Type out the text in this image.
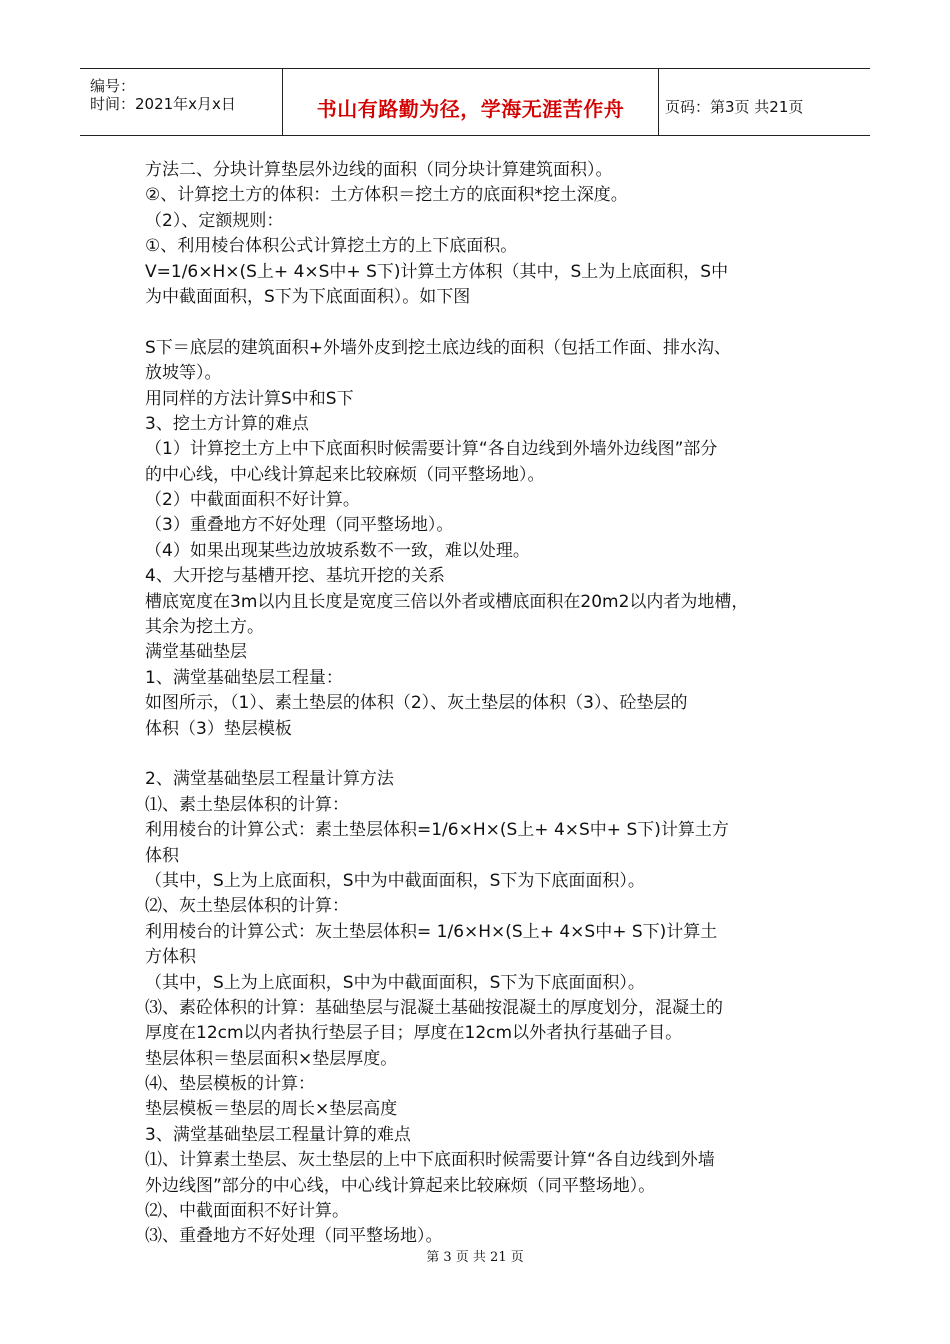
编号：
时间：2021年x月x日	书山有路勤为径，学海无涯苦作舟	页码：第3页 共21页
方法二、分块计算垫层外边线的面积（同分块计算建筑面积）。
②、计算挖土方的体积：土方体积＝挖土方的底面积*挖土深度。
（2）、定额规则：
①、利用棱台体积公式计算挖土方的上下底面积。
V=1/6×H×(S上+ 4×S中+ S下)计算土方体积（其中，S上为上底面积，S中
为中截面面积，S下为下底面面积）。如下图
S下＝底层的建筑面积+外墙外皮到挖土底边线的面积（包括工作面、排水沟、
放坡等）。
用同样的方法计算S中和S下
3、挖土方计算的难点
（1）计算挖土方上中下底面积时候需要计算“各自边线到外墙外边线图”部分
的中心线，中心线计算起来比较麻烦（同平整场地）。
（2）中截面面积不好计算。
（3）重叠地方不好处理（同平整场地）。
（4）如果出现某些边放坡系数不一致，难以处理。
4、大开挖与基槽开挖、基坑开挖的关系
槽底宽度在3m以内且长度是宽度三倍以外者或槽底面积在20m2以内者为地槽，
其余为挖土方。
满堂基础垫层
1、满堂基础垫层工程量：
如图所示，（1）、素土垫层的体积（2）、灰土垫层的体积（3）、砼垫层的
体积（3）垫层模板
2、满堂基础垫层工程量计算方法
⑴、素土垫层体积的计算：
利用棱台的计算公式：素土垫层体积=1/6×H×(S上+ 4×S中+ S下)计算土方
体积
（其中，S上为上底面积，S中为中截面面积，S下为下底面面积）。
⑵、灰土垫层体积的计算：
利用棱台的计算公式：灰土垫层体积= 1/6×H×(S上+ 4×S中+ S下)计算土
方体积
（其中，S上为上底面积，S中为中截面面积，S下为下底面面积）。
⑶、素砼体积的计算：基础垫层与混凝土基础按混凝土的厚度划分，混凝土的
厚度在12cm以内者执行垫层子目；厚度在12cm以外者执行基础子目。
垫层体积＝垫层面积×垫层厚度。
⑷、垫层模板的计算：
垫层模板＝垫层的周长×垫层高度
3、满堂基础垫层工程量计算的难点
⑴、计算素土垫层、灰土垫层的上中下底面积时候需要计算“各自边线到外墙
外边线图”部分的中心线，中心线计算起来比较麻烦（同平整场地）。
⑵、中截面面积不好计算。
⑶、重叠地方不好处理（同平整场地）。
第 3 页 共 21 页
